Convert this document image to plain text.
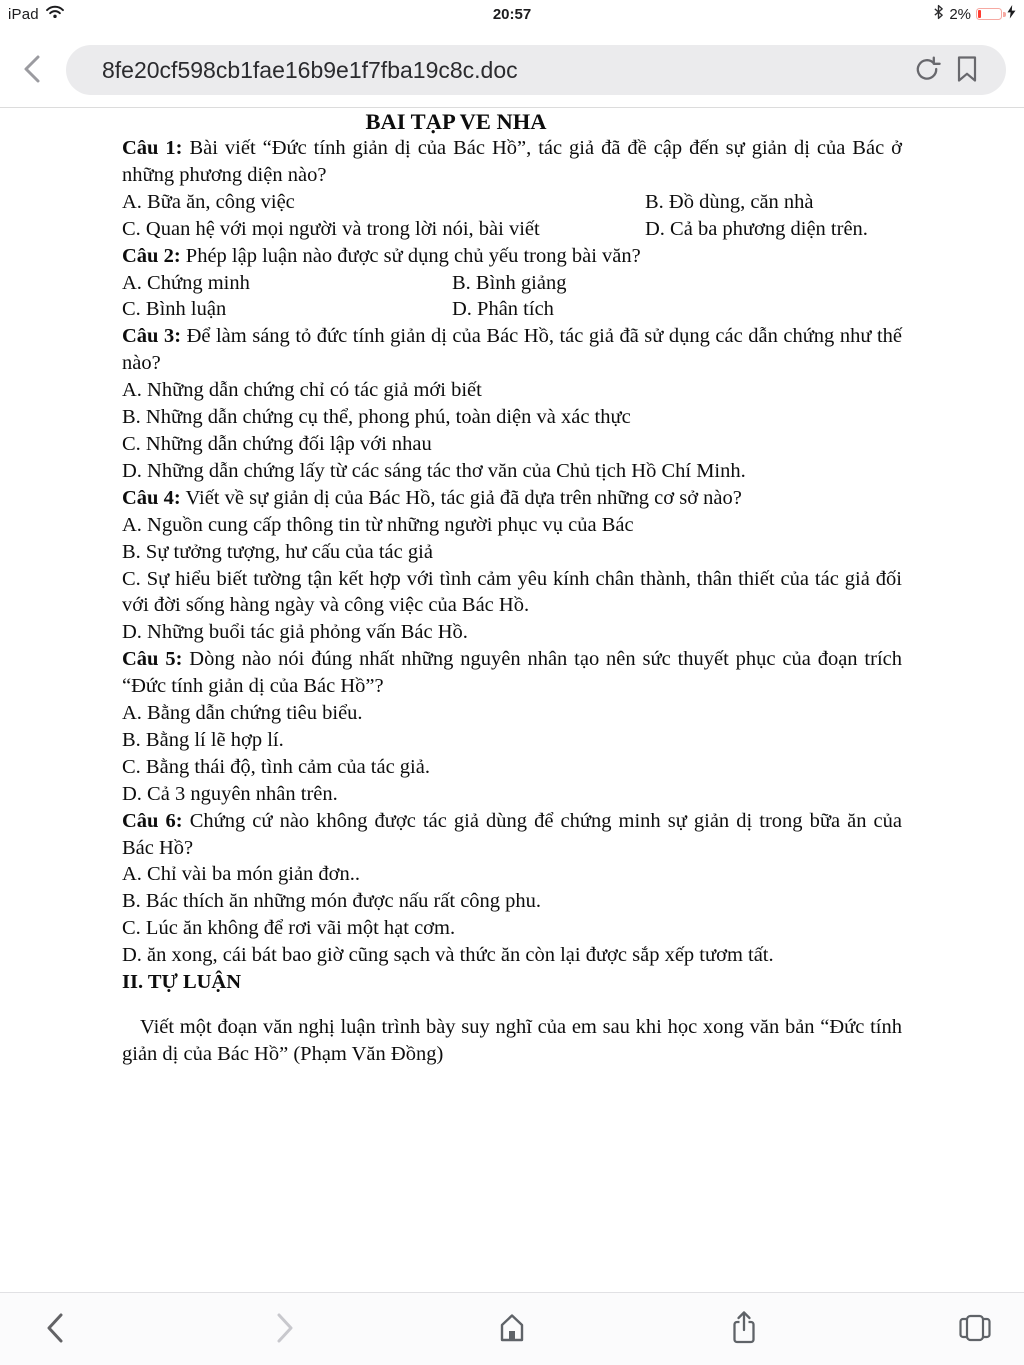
iPad	20:57	2%
8fe20cf598cb1fae16b9e1f7fba19c8c.doc
BAI TẠP VE NHA

Câu 1: Bài viết “Đức tính giản dị của Bác Hồ”, tác giả đã đề cập đến sự giản dị của Bác ở những phương diện nào?

A. Bữa ăn, công việc	B. Đồ dùng, căn nhà
C. Quan hệ với mọi người và trong lời nói, bài viết	D. Cả ba phương diện trên.

Câu 2: Phép lập luận nào được sử dụng chủ yếu trong bài văn?

A. Chứng minh	B. Bình giảng
C. Bình luận	D. Phân tích

Câu 3: Để làm sáng tỏ đức tính giản dị của Bác Hồ, tác giả đã sử dụng các dẫn chứng như thế nào?

A. Những dẫn chứng chỉ có tác giả mới biết
B. Những dẫn chứng cụ thể, phong phú, toàn diện và xác thực
C. Những dẫn chứng đối lập với nhau
D. Những dẫn chứng lấy từ các sáng tác thơ văn của Chủ tịch Hồ Chí Minh.

Câu 4: Viết về sự giản dị của Bác Hồ, tác giả đã dựa trên những cơ sở nào?

A. Nguồn cung cấp thông tin từ những người phục vụ của Bác
B. Sự tưởng tượng, hư cấu của tác giả
C. Sự hiểu biết tường tận kết hợp với tình cảm yêu kính chân thành, thân thiết của tác giả đối với đời sống hàng ngày và công việc của Bác Hồ.
D. Những buổi tác giả phỏng vấn Bác Hồ.

Câu 5: Dòng nào nói đúng nhất những nguyên nhân tạo nên sức thuyết phục của đoạn trích “Đức tính giản dị của Bác Hồ”?

A. Bằng dẫn chứng tiêu biểu.
B. Bằng lí lẽ hợp lí.
C. Bằng thái độ, tình cảm của tác giả.
D. Cả 3 nguyên nhân trên.

Câu 6: Chứng cứ nào không được tác giả dùng để chứng minh sự giản dị trong bữa ăn của Bác Hồ?

A. Chỉ vài ba món giản đơn..
B. Bác thích ăn những món được nấu rất công phu.
C. Lúc ăn không để rơi vãi một hạt cơm.
D. ăn xong, cái bát bao giờ cũng sạch và thức ăn còn lại được sắp xếp tươm tất.
II. TỰ LUẬN

Viết một đoạn văn nghị luận trình bày suy nghĩ của em sau khi học xong văn bản “Đức tính giản dị của Bác Hồ” (Phạm Văn Đồng)
